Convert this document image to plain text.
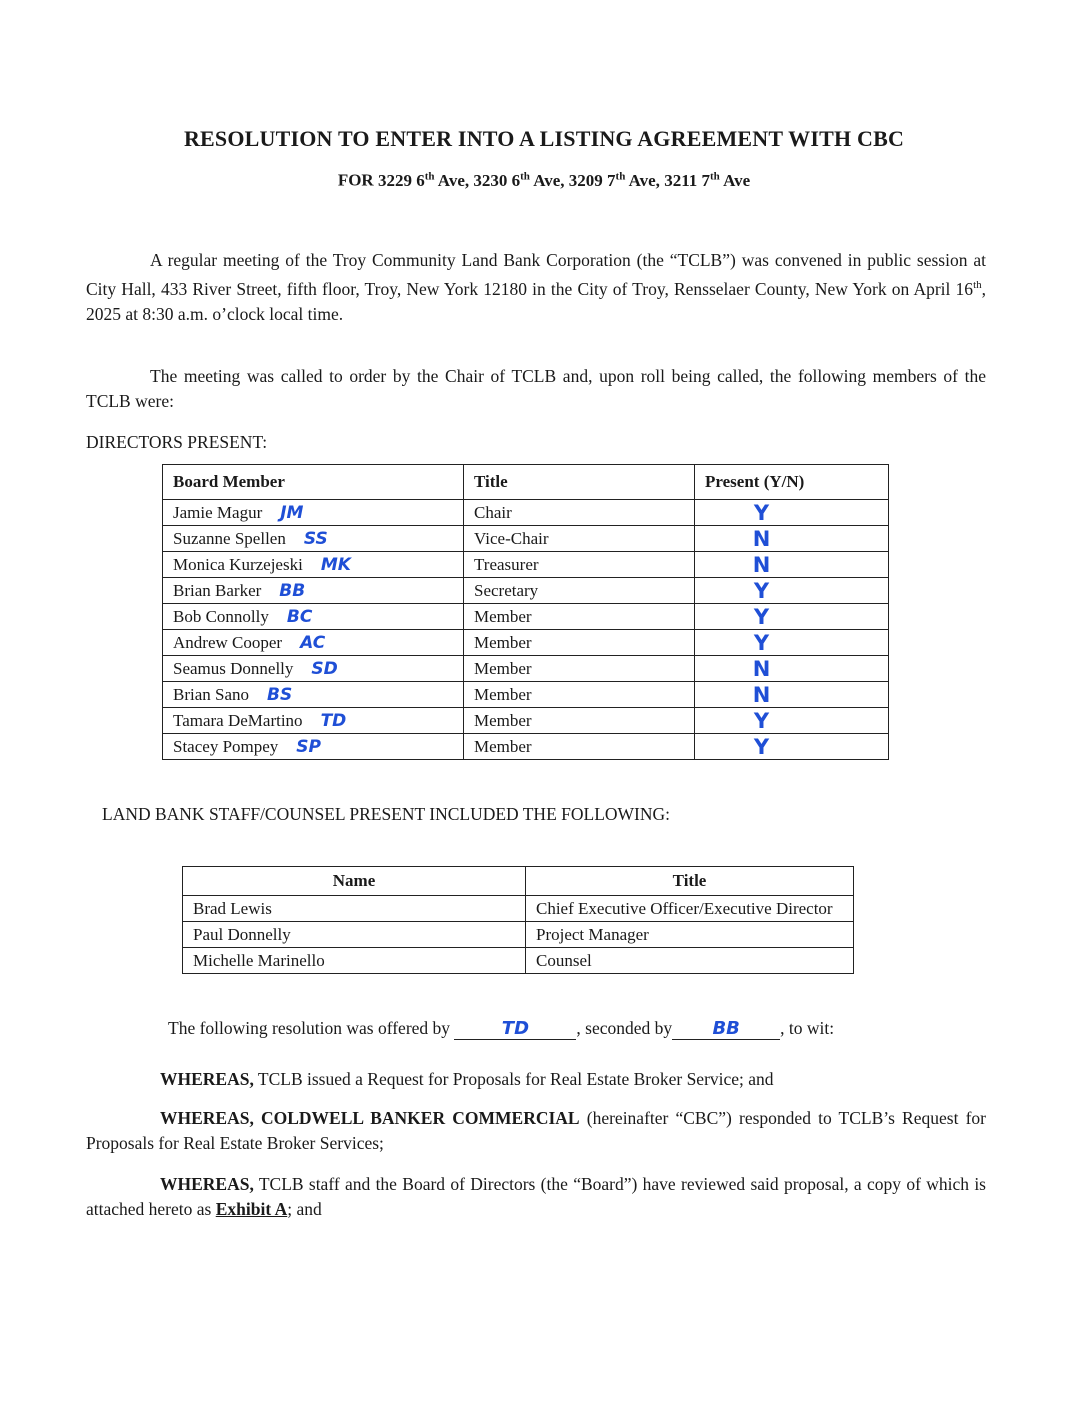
RESOLUTION TO ENTER INTO A LISTING AGREEMENT WITH CBC
FOR 3229 6th Ave, 3230 6th Ave, 3209 7th Ave, 3211 7th Ave
A regular meeting of the Troy Community Land Bank Corporation (the “TCLB”) was convened in public session at City Hall, 433 River Street, fifth floor, Troy, New York 12180 in the City of Troy, Rensselaer County, New York on April 16th, 2025 at 8:30 a.m. o’clock local time.
The meeting was called to order by the Chair of TCLB and, upon roll being called, the following members of the TCLB were:
DIRECTORS PRESENT:
Board Member	Title	Present (Y/N)
Jamie Magur JM	Chair	Y
Suzanne Spellen SS	Vice-Chair	N
Monica Kurzejeski MK	Treasurer	N
Brian Barker BB	Secretary	Y
Bob Connolly BC	Member	Y
Andrew Cooper AC	Member	Y
Seamus Donnelly SD	Member	N
Brian Sano BS	Member	N
Tamara DeMartino TD	Member	Y
Stacey Pompey SP	Member	Y
LAND BANK STAFF/COUNSEL PRESENT INCLUDED THE FOLLOWING:
Name	Title
Brad Lewis	Chief Executive Officer/Executive Director
Paul Donnelly	Project Manager
Michelle Marinello	Counsel
The following resolution was offered by	TD	, seconded by BB , to wit:
WHEREAS, TCLB issued a Request for Proposals for Real Estate Broker Service; and
WHEREAS, COLDWELL BANKER COMMERCIAL (hereinafter “CBC”) responded to TCLB’s Request for Proposals for Real Estate Broker Services;
WHEREAS, TCLB staff and the Board of Directors (the “Board”) have reviewed said proposal, a copy of which is attached hereto as Exhibit A; and
